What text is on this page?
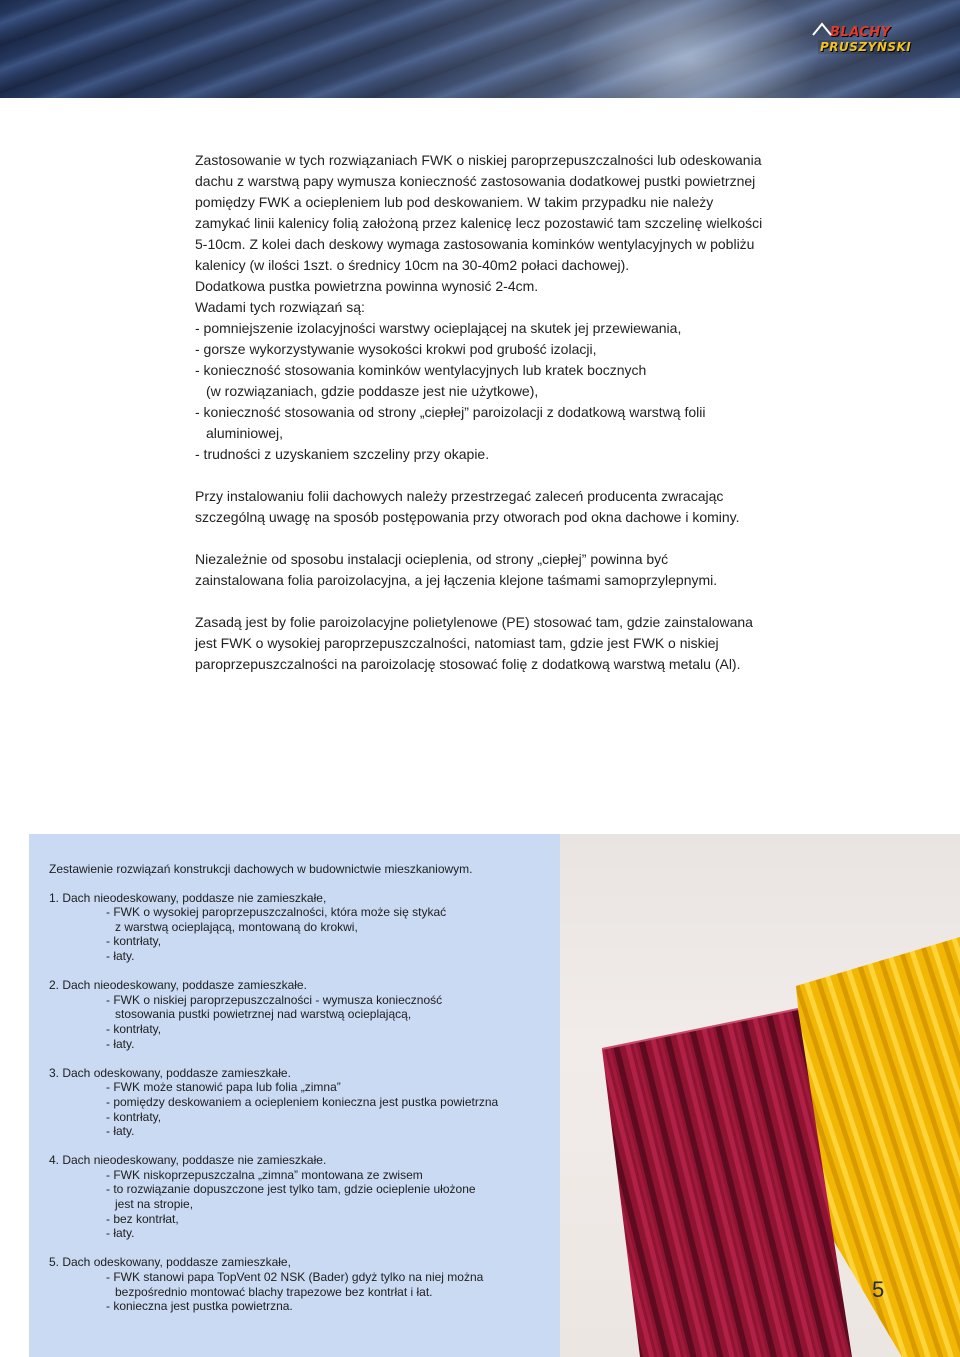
BLACHY
PRUSZYŃSKI

Zastosowanie w tych rozwiązaniach FWK o niskiej paroprzepuszczalności lub odeskowania
dachu z warstwą papy wymusza konieczność zastosowania dodatkowej pustki powietrznej
pomiędzy FWK a ociepleniem lub pod deskowaniem. W takim przypadku nie należy
zamykać linii kalenicy folią założoną przez kalenicę lecz pozostawić tam szczelinę wielkości
5-10cm. Z kolei dach deskowy wymaga zastosowania kominków wentylacyjnych w pobliżu
kalenicy (w ilości 1szt. o średnicy 10cm na 30-40m2 połaci dachowej).
Dodatkowa pustka powietrzna powinna wynosić 2-4cm.
Wadami tych rozwiązań są:
- pomniejszenie izolacyjności warstwy ocieplającej na skutek jej przewiewania,
- gorsze wykorzystywanie wysokości krokwi pod grubość izolacji,
- konieczność stosowania kominków wentylacyjnych lub kratek bocznych
(w rozwiązaniach, gdzie poddasze jest nie użytkowe),
- konieczność stosowania od strony „ciepłej” paroizolacji z dodatkową warstwą folii
aluminiowej,
- trudności z uzyskaniem szczeliny przy okapie.

Przy instalowaniu folii dachowych należy przestrzegać zaleceń producenta zwracając
szczególną uwagę na sposób postępowania przy otworach pod okna dachowe i kominy.

Niezależnie od sposobu instalacji ocieplenia, od strony „ciepłej” powinna być
zainstalowana folia paroizolacyjna, a jej łączenia klejone taśmami samoprzylepnymi.

Zasadą jest by folie paroizolacyjne polietylenowe (PE) stosować tam, gdzie zainstalowana
jest FWK o wysokiej paroprzepuszczalności, natomiast tam, gdzie jest FWK o niskiej
paroprzepuszczalności na paroizolację stosować folię z dodatkową warstwą metalu (Al).

Zestawienie rozwiązań konstrukcji dachowych w budownictwie mieszkaniowym.
1. Dach nieodeskowany, poddasze nie zamieszkałe,
- FWK o wysokiej paroprzepuszczalności, która może się stykać
z warstwą ocieplającą, montowaną do krokwi,
- kontrłaty,
- łaty.
2. Dach nieodeskowany, poddasze zamieszkałe.
- FWK o niskiej paroprzepuszczalności - wymusza konieczność
stosowania pustki powietrznej nad warstwą ocieplającą,
- kontrłaty,
- łaty.
3. Dach odeskowany, poddasze zamieszkałe.
- FWK może stanowić papa lub folia „zimna”
- pomiędzy deskowaniem a ociepleniem konieczna jest pustka powietrzna
- kontrłaty,
- łaty.
4. Dach nieodeskowany, poddasze nie zamieszkałe.
- FWK niskoprzepuszczalna „zimna” montowana ze zwisem
- to rozwiązanie dopuszczone jest tylko tam, gdzie ocieplenie ułożone
jest na stropie,
- bez kontrłat,
- łaty.
5. Dach odeskowany, poddasze zamieszkałe,
- FWK stanowi papa TopVent 02 NSK (Bader) gdyż tylko na niej można
bezpośrednio montować blachy trapezowe bez kontrłat i łat.
- konieczna jest pustka powietrzna.
5
